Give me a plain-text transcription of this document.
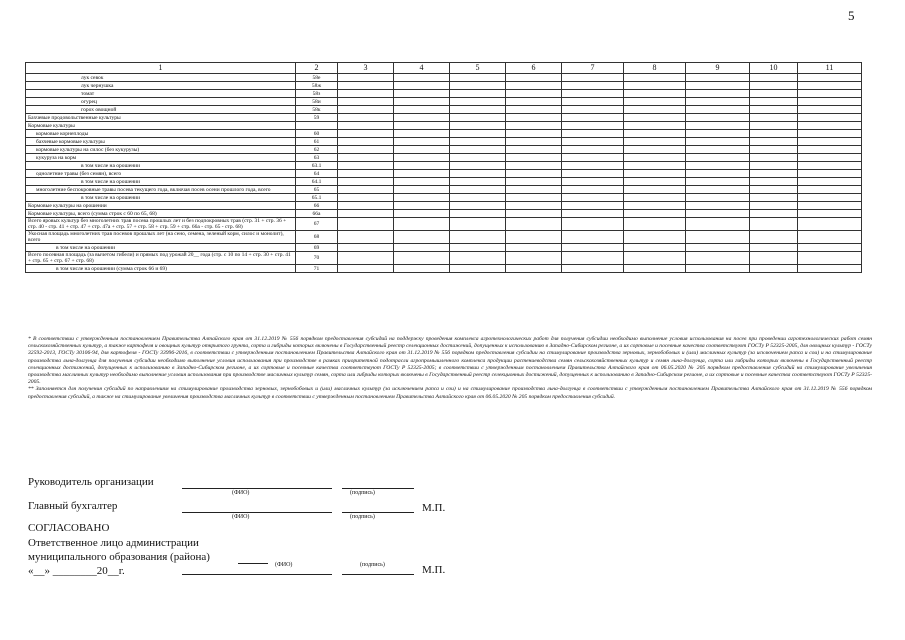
5
1	2	3	4	5	6	7	8	9	10	11
лук севок	58е									
лук чернушка	58ж									
томат	58з									
огурец	58и									
горох овощной	58к									
Бахчевые продовольственные культуры	59									
Кормовые культуры										
кормовые корнеплоды	60									
бахчевые кормовые культуры	61									
кормовые культуры на силос (без кукурузы)	62									
кукуруза на корм	63									
в том числе на орошении	63.1									
однолетние травы (без семян), всего	64									
в том числе на орошении	64.1									
многолетние беспокровные травы посева текущего года, включая посев осени прошлого года, всего	65									
в том числе на орошении	65.1									
Кормовые культуры на орошении	66									
Кормовые культуры, всего (сумма строк с 60 по 65, 68)	66а									
Всего яровых культур без многолетних трав посева прошлых лет и без подпокровных трав (стр. 31 + стр. 36 + стр. 40 - стр. 41 + стр. 47 + стр. 47а + стр. 57 + стр. 58 + стр. 59 + стр. 66а - стр. 65 - стр. 68)	67									
Укосная площадь многолетних трав посевов прошлых лет (на сено, семена, зеленый корм, силос и монолит), всего	68									
в том числе на орошении	69									
Всего посевная площадь (за вычетом гибели) и прямых под урожай 20__ года (стр. с 10 по 14 + стр. 30 + стр. 41 + стр. 65 + стр. 67 + стр. 68)	70									
в том числе на орошении (сумма строк 66 и 69)	71									

* В соответствии с утвержденным постановлением Правительства Алтайского края от 31.12.2019 № 556 порядком предоставления субсидий на поддержку проведения комплекса агротехнологических работ для получения субсидии необходимо выполнение условия использования на посев при проведении агротехнологических работ семян сельскохозяйственных культур, а также картофеля и овощных культур открытого грунта, сорта и гибриды которых включены в Государственный реестр селекционных достижений, допущенных к использованию в Западно-Сибирском регионе, а их сортовые и посевные качества соответствуют ГОСТу Р 52325-2005, для овощных культур - ГОСТу 32592-2013, ГОСТу 30106-94, для картофеля - ГОСТу 33996-2016, в соответствии с утвержденным постановлением Правительства Алтайского края от 31.12.2019 № 556 порядком предоставления субсидии на стимулирование производства зерновых, зернобобовых и (или) масличных культур (за исключением рапса и сои) и на стимулирование производства льна-долгунца для получения субсидии необходимо выполнение условия использования при производстве в рамках приоритетной подотрасли агропромышленного комплекса продукции растениеводства семян сельскохозяйственных культур и семян льна-долгунца, сорта или гибриды которых включены в Государственный реестр селекционных достижений, допущенных к использованию в Западно-Сибирском регионе, а их сортовые и посевные качества соответствуют ГОСТу Р 52325-2005; в соответствии с утвержденным постановлением Правительства Алтайского края от 06.05.2020 № 205 порядком предоставления субсидий на стимулирование увеличения производства масличных культур необходимо выполнение условия использования при производстве масличных культур семян, сорта или гибриды которых включены в Государственный реестр селекционных достижений, допущенных к использованию в Западно-Сибирском регионе, а их сортовые и посевные качества соответствуют ГОСТу Р 52325-2005.

** Заполняется для получения субсидий по направлениям на стимулирование производства зерновых, зернобобовых и (или) масличных культур (за исключением рапса и сои) и на стимулирование производства льна-долгунца в соответствии с утвержденным постановлением Правительства Алтайского края от 31.12.2019 № 556 порядком предоставления субсидий, а также на стимулирование увеличения производства масличных культур в соответствии с утвержденным постановлением Правительства Алтайского края от 06.05.2020 № 205 порядком предоставления субсидий.

Руководитель организации
(ФИО)	(подпись)
Главный бухгалтер	М.П.
(ФИО)	(подпись)
СОГЛАСОВАНО
Ответственное лицо администрации
муниципального образования (района)
«__» ________20__г.	(ФИО)	(подпись)	М.П.
